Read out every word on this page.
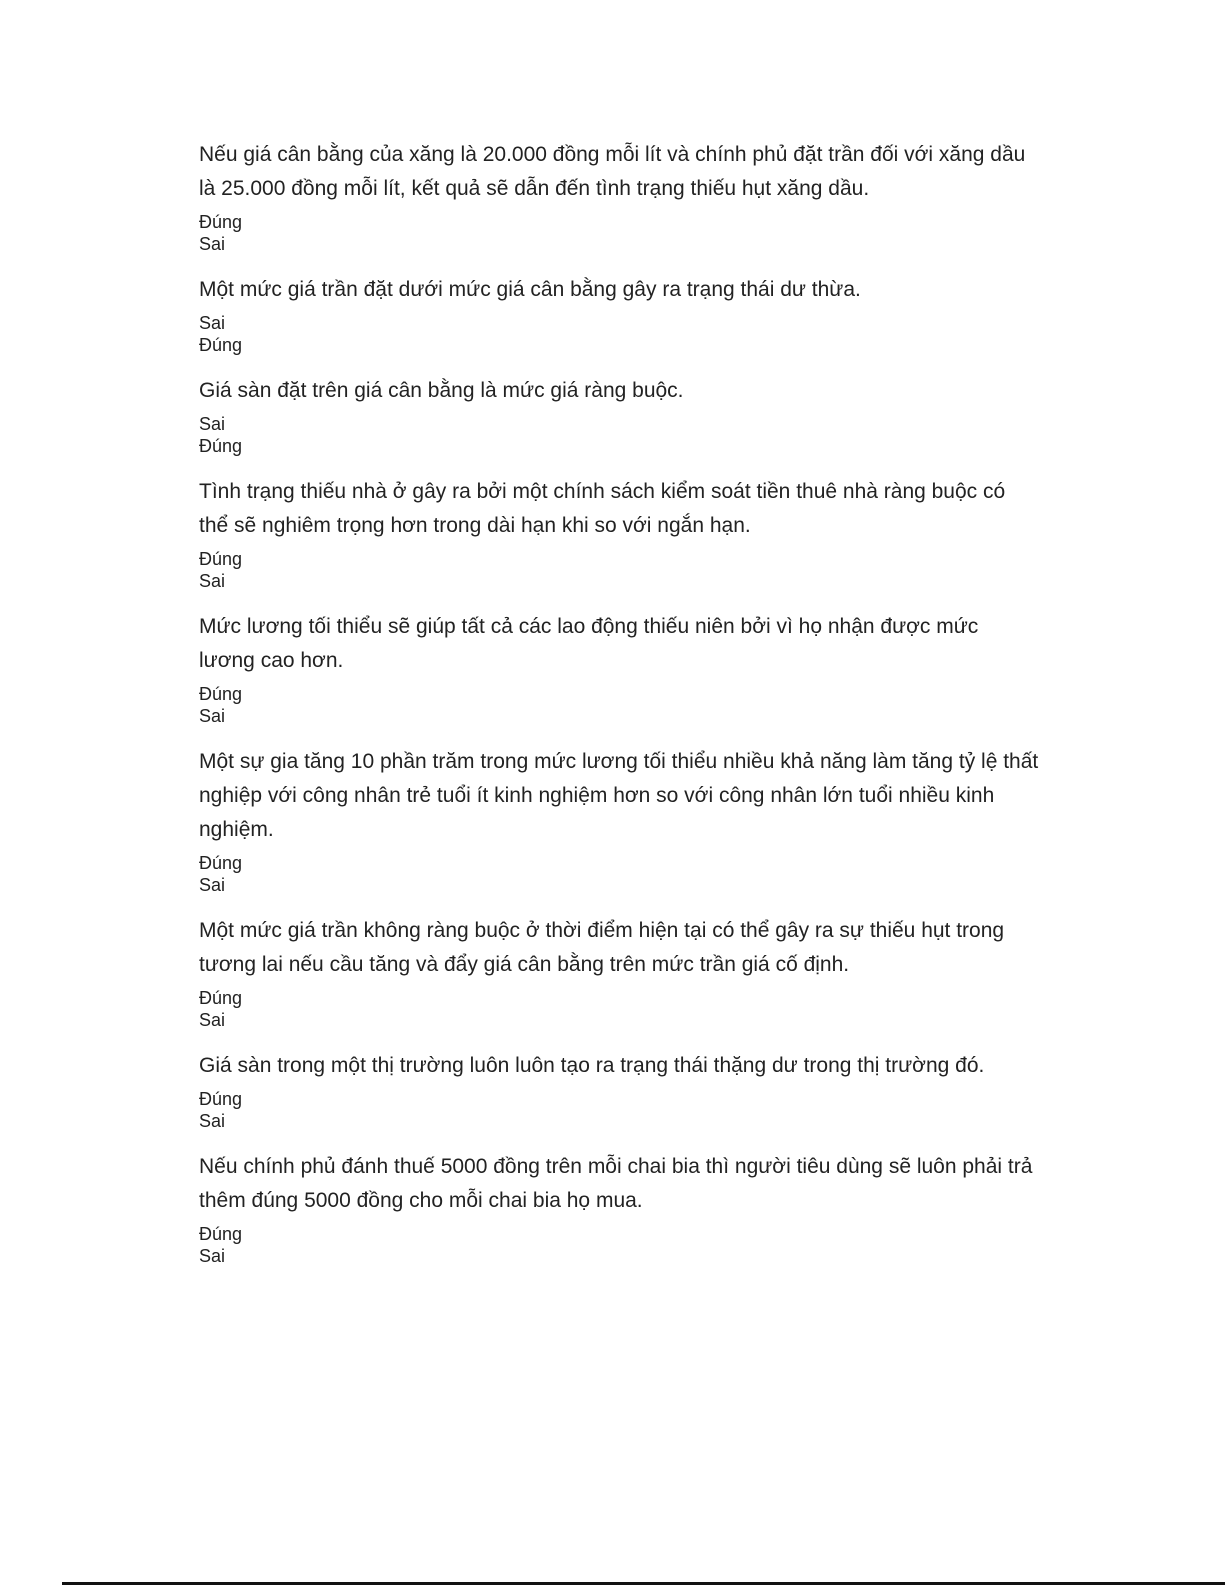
Nếu giá cân bằng của xăng là 20.000 đồng mỗi lít và chính phủ đặt trần đối với xăng dầu là 25.000 đồng mỗi lít, kết quả sẽ dẫn đến tình trạng thiếu hụt xăng dầu.

Đúng
Sai

Một mức giá trần đặt dưới mức giá cân bằng gây ra trạng thái dư thừa.

Sai
Đúng

Giá sàn đặt trên giá cân bằng là mức giá ràng buộc.

Sai
Đúng

Tình trạng thiếu nhà ở gây ra bởi một chính sách kiểm soát tiền thuê nhà ràng buộc có thể sẽ nghiêm trọng hơn trong dài hạn khi so với ngắn hạn.

Đúng
Sai

Mức lương tối thiểu sẽ giúp tất cả các lao động thiếu niên bởi vì họ nhận được mức lương cao hơn.

Đúng
Sai

Một sự gia tăng 10 phần trăm trong mức lương tối thiểu nhiều khả năng làm tăng tỷ lệ thất nghiệp với công nhân trẻ tuổi ít kinh nghiệm hơn so với công nhân lớn tuổi nhiều kinh nghiệm.

Đúng
Sai

Một mức giá trần không ràng buộc ở thời điểm hiện tại có thể gây ra sự thiếu hụt trong tương lai nếu cầu tăng và đẩy giá cân bằng trên mức trần giá cố định.

Đúng
Sai

Giá sàn trong một thị trường luôn luôn tạo ra trạng thái thặng dư trong thị trường đó.

Đúng
Sai

Nếu chính phủ đánh thuế 5000 đồng trên mỗi chai bia thì người tiêu dùng sẽ luôn phải trả thêm đúng 5000 đồng cho mỗi chai bia họ mua.

Đúng
Sai
